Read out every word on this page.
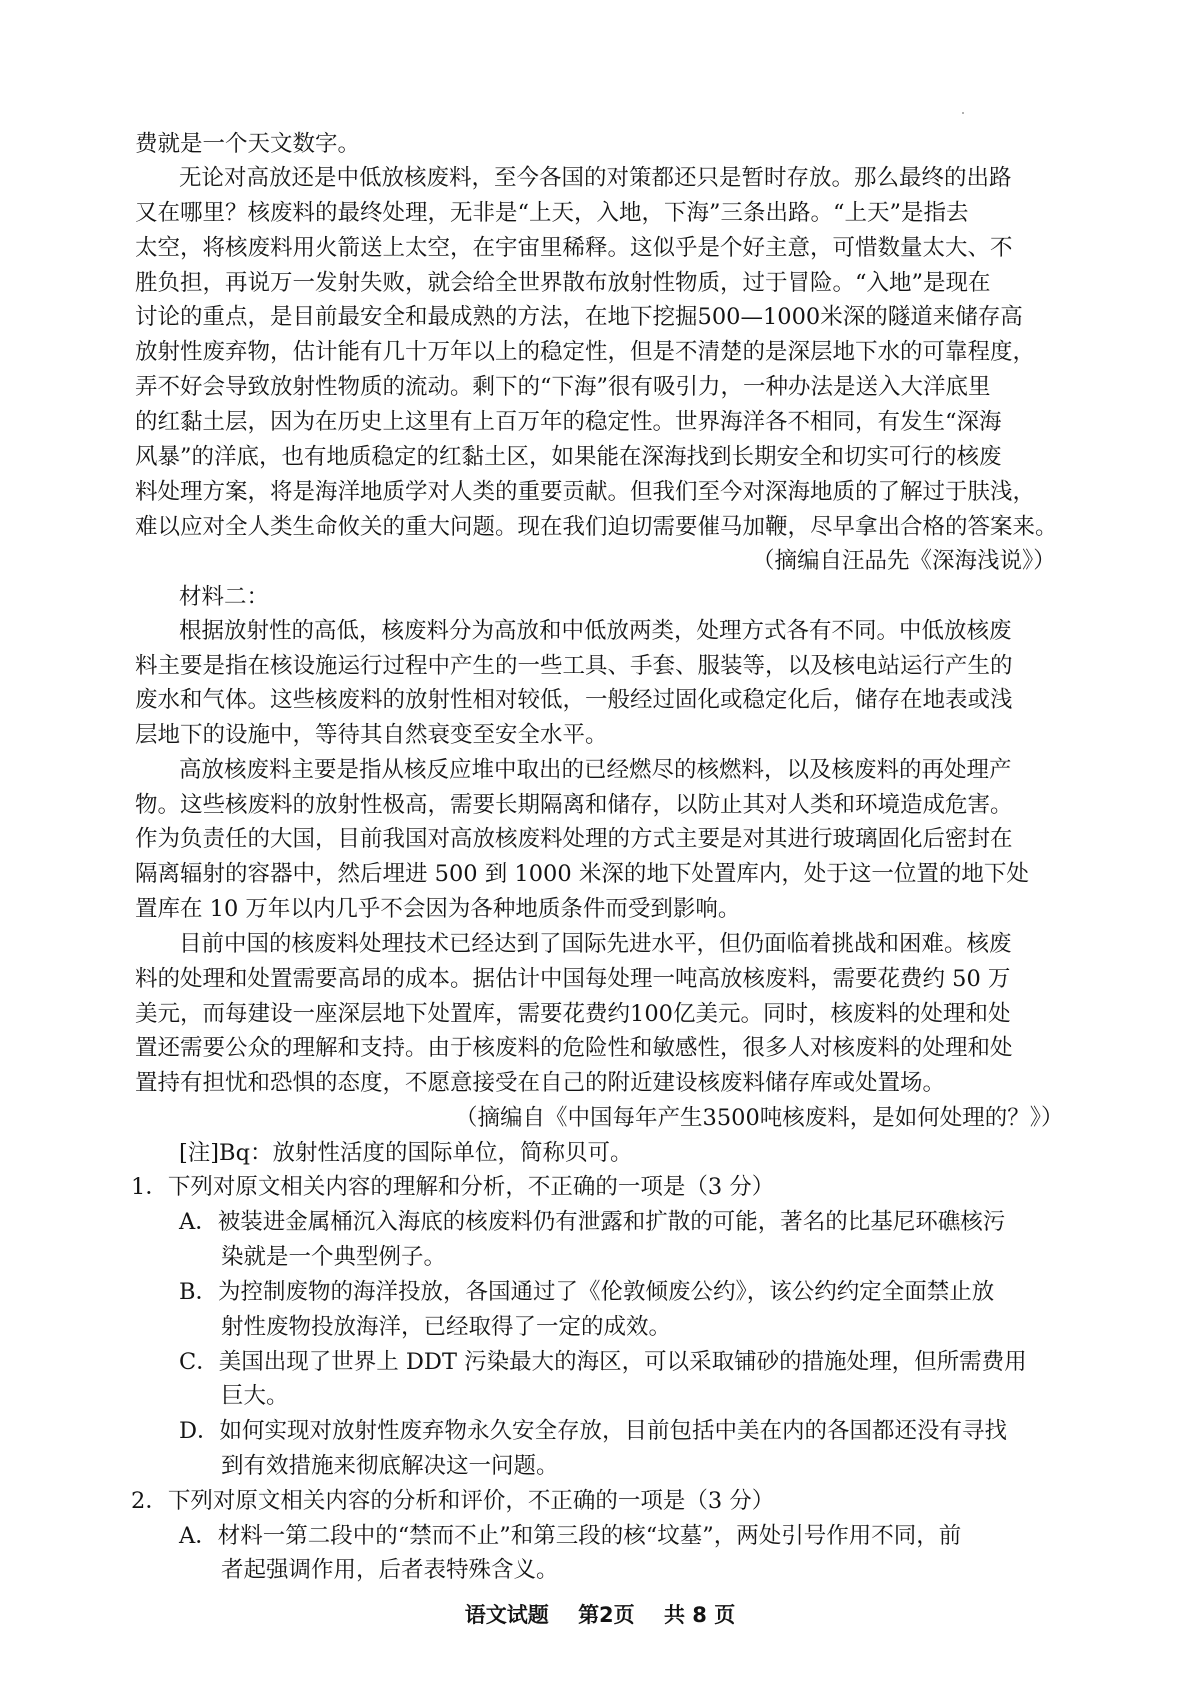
费就是一个天文数字。

无论对高放还是中低放核废料，至今各国的对策都还只是暂时存放。那么最终的出路

又在哪里？核废料的最终处理，无非是“上天，入地，下海”三条出路。“上天”是指去

太空，将核废料用火箭送上太空，在宇宙里稀释。这似乎是个好主意，可惜数量太大、不

胜负担，再说万一发射失败，就会给全世界散布放射性物质，过于冒险。“入地”是现在

讨论的重点，是目前最安全和最成熟的方法，在地下挖掘500—1000米深的隧道来储存高

放射性废弃物，估计能有几十万年以上的稳定性，但是不清楚的是深层地下水的可靠程度，

弄不好会导致放射性物质的流动。剩下的“下海”很有吸引力，一种办法是送入大洋底里

的红黏土层，因为在历史上这里有上百万年的稳定性。世界海洋各不相同，有发生“深海

风暴”的洋底，也有地质稳定的红黏土区，如果能在深海找到长期安全和切实可行的核废

料处理方案，将是海洋地质学对人类的重要贡献。但我们至今对深海地质的了解过于肤浅，

难以应对全人类生命攸关的重大问题。现在我们迫切需要催马加鞭，尽早拿出合格的答案来。

（摘编自汪品先《深海浅说》）

材料二：

根据放射性的高低，核废料分为高放和中低放两类，处理方式各有不同。中低放核废

料主要是指在核设施运行过程中产生的一些工具、手套、服装等，以及核电站运行产生的

废水和气体。这些核废料的放射性相对较低，一般经过固化或稳定化后，储存在地表或浅

层地下的设施中，等待其自然衰变至安全水平。

高放核废料主要是指从核反应堆中取出的已经燃尽的核燃料，以及核废料的再处理产

物。这些核废料的放射性极高，需要长期隔离和储存，以防止其对人类和环境造成危害。

作为负责任的大国，目前我国对高放核废料处理的方式主要是对其进行玻璃固化后密封在

隔离辐射的容器中，然后埋进 500 到 1000 米深的地下处置库内，处于这一位置的地下处

置库在 10 万年以内几乎不会因为各种地质条件而受到影响。

目前中国的核废料处理技术已经达到了国际先进水平，但仍面临着挑战和困难。核废

料的处理和处置需要高昂的成本。据估计中国每处理一吨高放核废料，需要花费约 50 万

美元，而每建设一座深层地下处置库，需要花费约100亿美元。同时，核废料的处理和处

置还需要公众的理解和支持。由于核废料的危险性和敏感性，很多人对核废料的处理和处

置持有担忧和恐惧的态度，不愿意接受在自己的附近建设核废料储存库或处置场。

（摘编自《中国每年产生3500吨核废料，是如何处理的？》）

[注]Bq：放射性活度的国际单位，简称贝可。

1．下列对原文相关内容的理解和分析，不正确的一项是（3 分）

A．被装进金属桶沉入海底的核废料仍有泄露和扩散的可能，著名的比基尼环礁核污

染就是一个典型例子。

B．为控制废物的海洋投放，各国通过了《伦敦倾废公约》，该公约约定全面禁止放

射性废物投放海洋，已经取得了一定的成效。

C．美国出现了世界上 DDT 污染最大的海区，可以采取铺砂的措施处理，但所需费用

巨大。

D．如何实现对放射性废弃物永久安全存放，目前包括中美在内的各国都还没有寻找

到有效措施来彻底解决这一问题。

2．下列对原文相关内容的分析和评价，不正确的一项是（3 分）

A．材料一第二段中的“禁而不止”和第三段的核“坟墓”，两处引号作用不同，前

者起强调作用，后者表特殊含义。

语文试题 第2页 共 8 页
